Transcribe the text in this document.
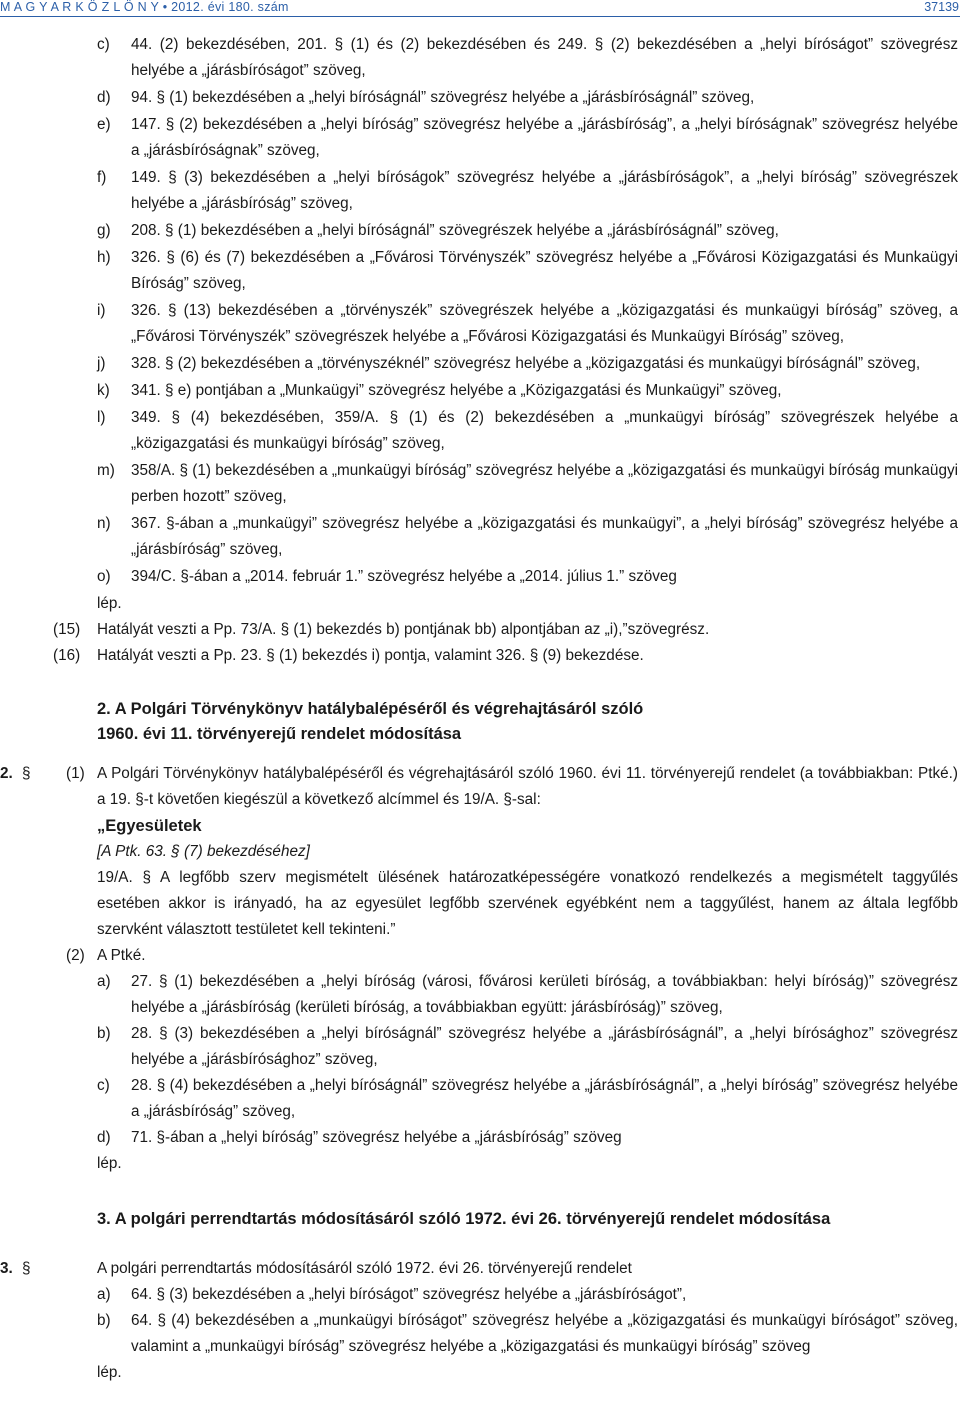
M A G Y A R K Ö Z L Ö N Y • 2012. évi 180. szám	37139
c) 44. (2) bekezdésében, 201. § (1) és (2) bekezdésében és 249. § (2) bekezdésében a „helyi bíróságot” szövegrész helyébe a „járásbíróságot” szöveg,
d) 94. § (1) bekezdésében a „helyi bíróságnál” szövegrész helyébe a „járásbíróságnál” szöveg,
e) 147. § (2) bekezdésében a „helyi bíróság” szövegrész helyébe a „járásbíróság”, a „helyi bíróságnak” szövegrész helyébe a „járásbíróságnak” szöveg,
f) 149. § (3) bekezdésében a „helyi bíróságok” szövegrész helyébe a „járásbíróságok”, a „helyi bíróság” szövegrészek helyébe a „járásbíróság” szöveg,
g) 208. § (1) bekezdésében a „helyi bíróságnál” szövegrészek helyébe a „járásbíróságnál” szöveg,
h) 326. § (6) és (7) bekezdésében a „Fővárosi Törvényszék” szövegrész helyébe a „Fővárosi Közigazgatási és Munkaügyi Bíróság” szöveg,
i) 326. § (13) bekezdésében a „törvényszék” szövegrészek helyébe a „közigazgatási és munkaügyi bíróság” szöveg, a „Fővárosi Törvényszék” szövegrészek helyébe a „Fővárosi Közigazgatási és Munkaügyi Bíróság” szöveg,
j) 328. § (2) bekezdésében a „törvényszéknél” szövegrész helyébe a „közigazgatási és munkaügyi bíróságnál” szöveg,
k) 341. § e) pontjában a „Munkaügyi” szövegrész helyébe a „Közigazgatási és Munkaügyi” szöveg,
l) 349. § (4) bekezdésében, 359/A. § (1) és (2) bekezdésében a „munkaügyi bíróság” szövegrészek helyébe a „közigazgatási és munkaügyi bíróság” szöveg,
m) 358/A. § (1) bekezdésében a „munkaügyi bíróság” szövegrész helyébe a „közigazgatási és munkaügyi bíróság munkaügyi perben hozott” szöveg,
n) 367. §-ában a „munkaügyi” szövegrész helyébe a „közigazgatási és munkaügyi”, a „helyi bíróság” szövegrész helyébe a „járásbíróság” szöveg,
o) 394/C. §-ában a „2014. február 1.” szövegrész helyébe a „2014. július 1.” szöveg
lép.
(15) Hatályát veszti a Pp. 73/A. § (1) bekezdés b) pontjának bb) alpontjában az „i),”szövegrész.
(16) Hatályát veszti a Pp. 23. § (1) bekezdés i) pontja, valamint 326. § (9) bekezdése.
2. A Polgári Törvénykönyv hatálybalépéséről és végrehajtásáról szóló
1960. évi 11. törvényerejű rendelet módosítása
2. § (1) A Polgári Törvénykönyv hatálybalépéséről és végrehajtásáról szóló 1960. évi 11. törvényerejű rendelet (a továbbiakban: Ptké.) a 19. §-t követően kiegészül a következő alcímmel és 19/A. §-sal:
„Egyesületek
[A Ptk. 63. § (7) bekezdéséhez]
19/A. § A legfőbb szerv megismételt ülésének határozatképességére vonatkozó rendelkezés a megismételt taggyűlés esetében akkor is irányadó, ha az egyesület legfőbb szervének egyébként nem a taggyűlést, hanem az általa legfőbb szervként választott testületet kell tekinteni.”
(2) A Ptké.
a) 27. § (1) bekezdésében a „helyi bíróság (városi, fővárosi kerületi bíróság, a továbbiakban: helyi bíróság)” szövegrész helyébe a „járásbíróság (kerületi bíróság, a továbbiakban együtt: járásbíróság)” szöveg,
b) 28. § (3) bekezdésében a „helyi bíróságnál” szövegrész helyébe a „járásbíróságnál”, a „helyi bírósághoz” szövegrész helyébe a „járásbírósághoz” szöveg,
c) 28. § (4) bekezdésében a „helyi bíróságnál” szövegrész helyébe a „járásbíróságnál”, a „helyi bíróság” szövegrész helyébe a „járásbíróság” szöveg,
d) 71. §-ában a „helyi bíróság” szövegrész helyébe a „járásbíróság” szöveg
lép.
3. A polgári perrendtartás módosításáról szóló 1972. évi 26. törvényerejű rendelet módosítása
3. §	A polgári perrendtartás módosításáról szóló 1972. évi 26. törvényerejű rendelet
a) 64. § (3) bekezdésében a „helyi bíróságot” szövegrész helyébe a „járásbíróságot”,
b) 64. § (4) bekezdésében a „munkaügyi bíróságot” szövegrész helyébe a „közigazgatási és munkaügyi bíróságot” szöveg, valamint a „munkaügyi bíróság” szövegrész helyébe a „közigazgatási és munkaügyi bíróság” szöveg
lép.
